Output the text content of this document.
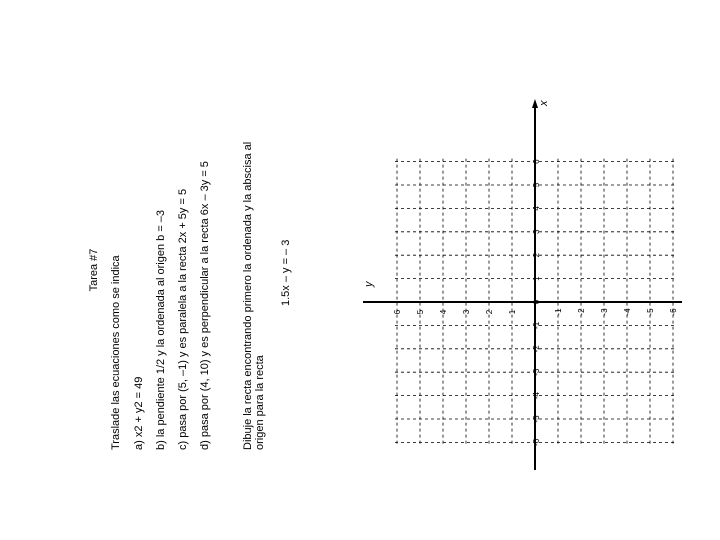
Tarea #7 Traslade las ecuaciones como se indica a) x2 + y2 = 49 b) la pendiente 1/2 y la ordenada al origen b = –3 c) pasa por (5, –1) y es paralela a la recta 2x + 5y = 5 d) pasa por (4, 10) y es perpendicular a la recta 6x – 3y = 5	Dibuje la recta encontrando primero la ordenada y la abscisa al origen para la recta
1.5x – y = – 3
-6
-5
-4
-3
-2
-1
0
1
2
3
4
5
6
-6
-5
-4
-3
-2
-1
1
2
3
4
5
6
x
y
